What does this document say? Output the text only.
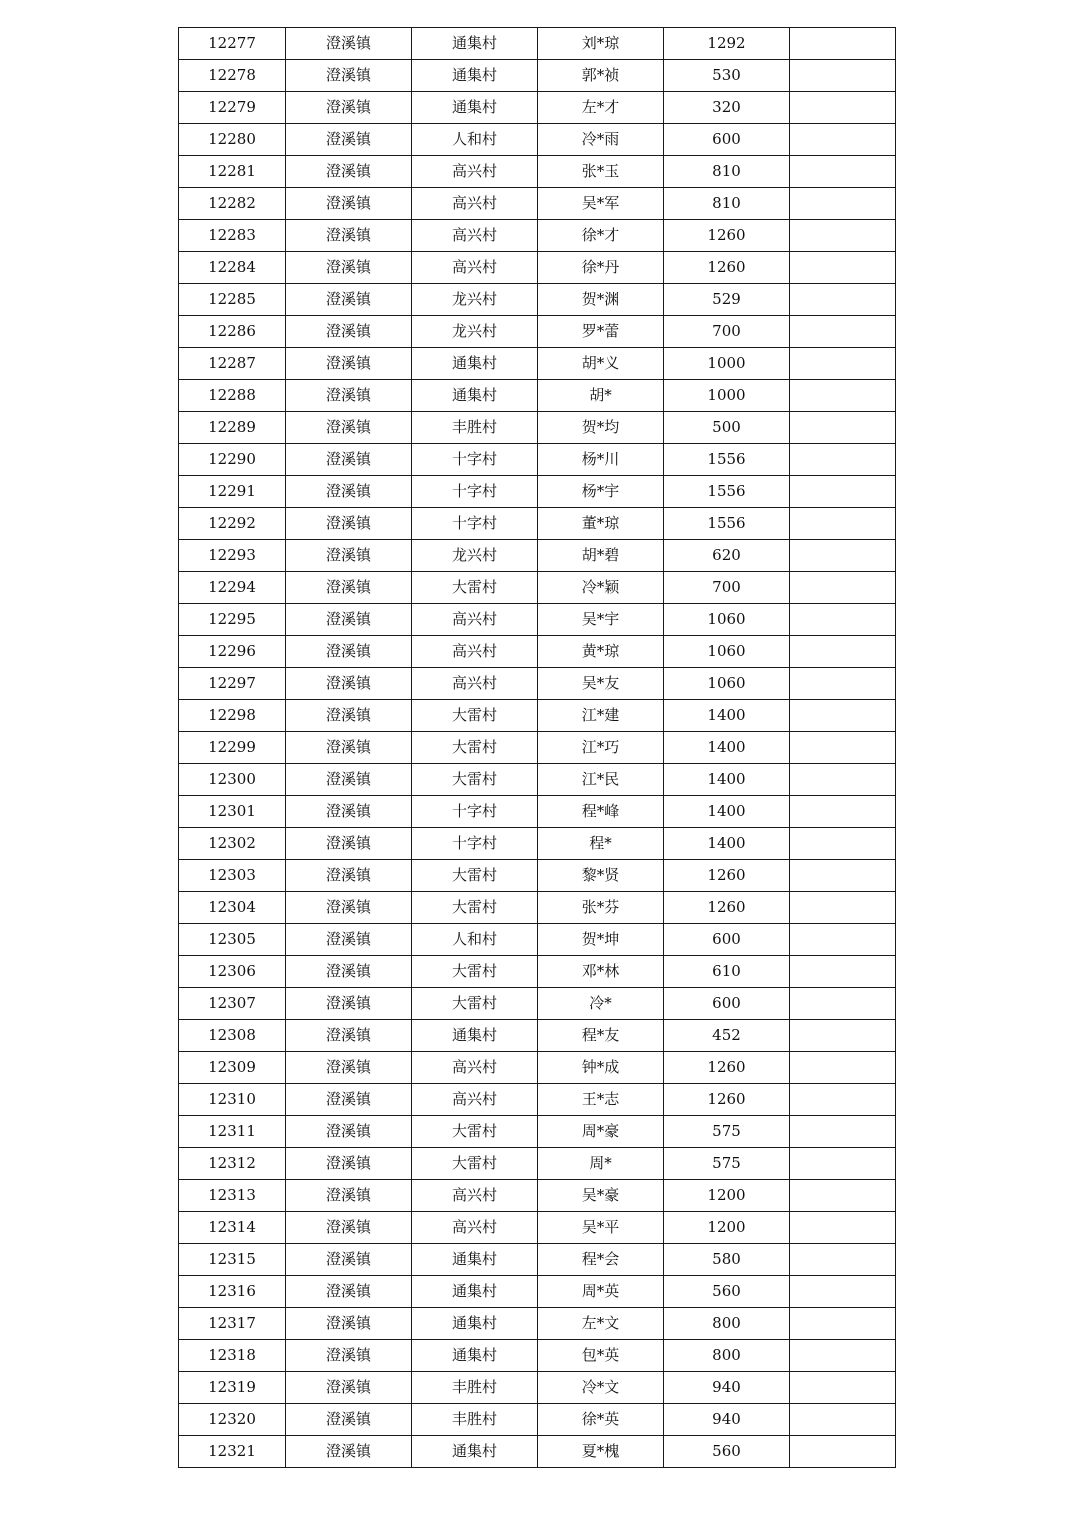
12277	澄溪镇	通集村	刘*琼	1292	
12278	澄溪镇	通集村	郭*祯	530	
12279	澄溪镇	通集村	左*才	320	
12280	澄溪镇	人和村	冷*雨	600	
12281	澄溪镇	高兴村	张*玉	810	
12282	澄溪镇	高兴村	吴*军	810	
12283	澄溪镇	高兴村	徐*才	1260	
12284	澄溪镇	高兴村	徐*丹	1260	
12285	澄溪镇	龙兴村	贺*渊	529	
12286	澄溪镇	龙兴村	罗*蕾	700	
12287	澄溪镇	通集村	胡*义	1000	
12288	澄溪镇	通集村	胡*	1000	
12289	澄溪镇	丰胜村	贺*均	500	
12290	澄溪镇	十字村	杨*川	1556	
12291	澄溪镇	十字村	杨*宇	1556	
12292	澄溪镇	十字村	董*琼	1556	
12293	澄溪镇	龙兴村	胡*碧	620	
12294	澄溪镇	大雷村	冷*颖	700	
12295	澄溪镇	高兴村	吴*宇	1060	
12296	澄溪镇	高兴村	黄*琼	1060	
12297	澄溪镇	高兴村	吴*友	1060	
12298	澄溪镇	大雷村	江*建	1400	
12299	澄溪镇	大雷村	江*巧	1400	
12300	澄溪镇	大雷村	江*民	1400	
12301	澄溪镇	十字村	程*峰	1400	
12302	澄溪镇	十字村	程*	1400	
12303	澄溪镇	大雷村	黎*贤	1260	
12304	澄溪镇	大雷村	张*芬	1260	
12305	澄溪镇	人和村	贺*坤	600	
12306	澄溪镇	大雷村	邓*林	610	
12307	澄溪镇	大雷村	冷*	600	
12308	澄溪镇	通集村	程*友	452	
12309	澄溪镇	高兴村	钟*成	1260	
12310	澄溪镇	高兴村	王*志	1260	
12311	澄溪镇	大雷村	周*豪	575	
12312	澄溪镇	大雷村	周*	575	
12313	澄溪镇	高兴村	吴*豪	1200	
12314	澄溪镇	高兴村	吴*平	1200	
12315	澄溪镇	通集村	程*会	580	
12316	澄溪镇	通集村	周*英	560	
12317	澄溪镇	通集村	左*文	800	
12318	澄溪镇	通集村	包*英	800	
12319	澄溪镇	丰胜村	冷*文	940	
12320	澄溪镇	丰胜村	徐*英	940	
12321	澄溪镇	通集村	夏*槐	560	
